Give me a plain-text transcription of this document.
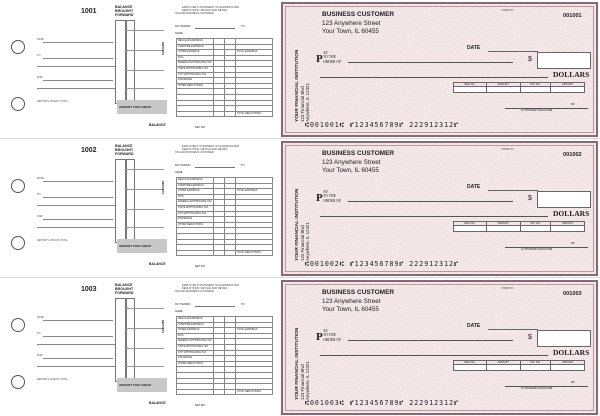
1001
BALANCE
BROUGHT
FORWARD
DATE
TO
FOR
DEPOSITS
DEPOSITS CHECKS TOTAL
AMOUNT THIS CHECK
BALANCE
EMPLOYEE'S STATEMENT OF EARNINGS AND DEDUCTIONS. DETACH AND RETAIN
HOLAND BUSINESS CUSTOMER
PAY PERIOD	TO
NAME
REGULAR EARNINGS			
OVERTIME EARNINGS			
OTHER EARNINGS			TOTAL EARNINGS
FICA			
FEDERAL WITHHOLDING TAX			
STATE WITHHOLDING TAX			
CITY WITHHOLDING TAX			
INSURANCE			
OTHER DEDUCTIONS			

			TOTAL DEDUCTIONS
NET PAY
CHNBP-53
BUSINESS CUSTOMER
123 Anywhere Street
Your Town, IL 60455
001001
DATE
P AY
TO THE
ORDER OF	$
DOLLARS
YOUR FINANCIAL INSTITUTION
123 Financial Blvd
Anywhere, IL 12321	REG NO.	AMOUNT	INV. NO.	AMOUNT

MP
AUTHORIZED SIGNATURE
⑆001001⑆ ⑈123456789⑈ 222912312⑈
1002
BALANCE
BROUGHT
FORWARD
DATE
TO
FOR
DEPOSITS
DEPOSITS CHECKS TOTAL
AMOUNT THIS CHECK
BALANCE
EMPLOYEE'S STATEMENT OF EARNINGS AND DEDUCTIONS. DETACH AND RETAIN
HOLAND BUSINESS CUSTOMER
PAY PERIOD	TO
NAME
REGULAR EARNINGS			
OVERTIME EARNINGS			
OTHER EARNINGS			TOTAL EARNINGS
FICA			
FEDERAL WITHHOLDING TAX			
STATE WITHHOLDING TAX			
CITY WITHHOLDING TAX			
INSURANCE			
OTHER DEDUCTIONS			

			TOTAL DEDUCTIONS
NET PAY
CHNBP-53
BUSINESS CUSTOMER
123 Anywhere Street
Your Town, IL 60455
001002
DATE
P AY
TO THE
ORDER OF	$
DOLLARS
YOUR FINANCIAL INSTITUTION
123 Financial Blvd
Anywhere, IL 12321	REG NO.	AMOUNT	INV. NO.	AMOUNT

MP
AUTHORIZED SIGNATURE
⑆001002⑆ ⑈123456789⑈ 222912312⑈
1003
BALANCE
BROUGHT
FORWARD
DATE
TO
FOR
DEPOSITS
DEPOSITS CHECKS TOTAL
AMOUNT THIS CHECK
BALANCE
EMPLOYEE'S STATEMENT OF EARNINGS AND DEDUCTIONS. DETACH AND RETAIN
HOLAND BUSINESS CUSTOMER
PAY PERIOD	TO
NAME
REGULAR EARNINGS			
OVERTIME EARNINGS			
OTHER EARNINGS			TOTAL EARNINGS
FICA			
FEDERAL WITHHOLDING TAX			
STATE WITHHOLDING TAX			
CITY WITHHOLDING TAX			
INSURANCE			
OTHER DEDUCTIONS			

			TOTAL DEDUCTIONS
NET PAY
CHNBP-53
BUSINESS CUSTOMER
123 Anywhere Street
Your Town, IL 60455
001003
DATE
P AY
TO THE
ORDER OF	$
DOLLARS
YOUR FINANCIAL INSTITUTION
123 Financial Blvd
Anywhere, IL 12321	REG NO.	AMOUNT	INV. NO.	AMOUNT

MP
AUTHORIZED SIGNATURE
⑆001003⑆ ⑈123456789⑈ 222912312⑈
